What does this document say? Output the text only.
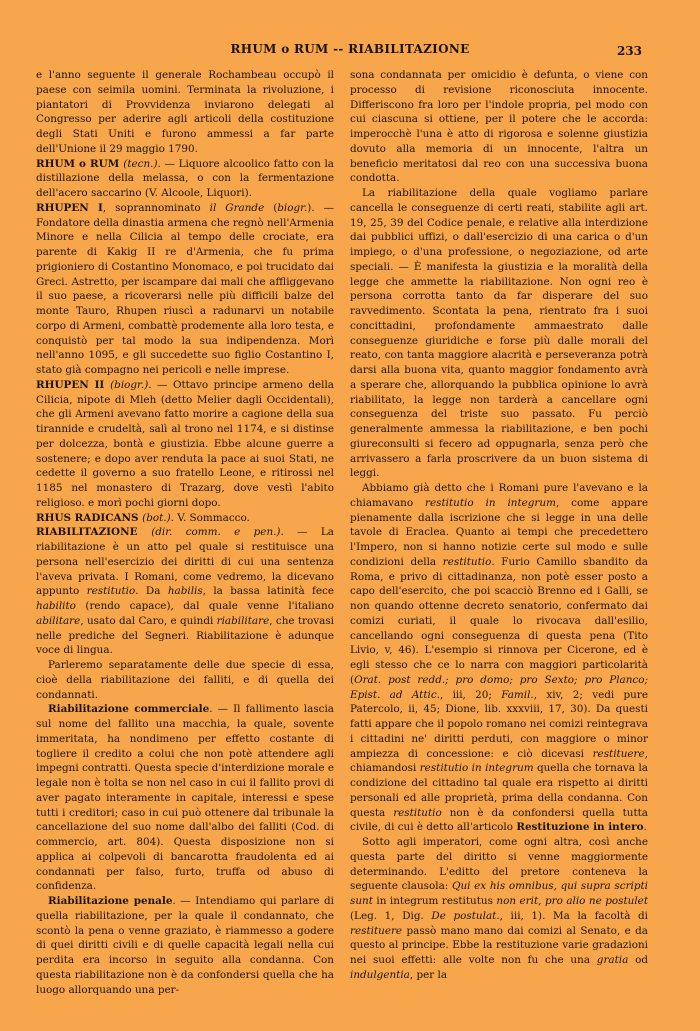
RHUM o RUM -- RIABILITAZIONE	233

e l'anno seguente il generale Rochambeau occupò il paese con seimila uomini. Terminata la rivoluzione, i piantatori di Provvidenza inviarono delegati al Congresso per aderire agli articoli della costituzione degli Stati Uniti e furono ammessi a far parte dell'Unione il 29 maggio 1790.

RHUM o RUM (tecn.). — Liquore alcoolico fatto con la distillazione della melassa, o con la fermentazione dell'acero saccarino (V. Alcoole, Liquori).

RHUPEN I, soprannominato il Grande (biogr.). — Fondatore della dinastia armena che regnò nell'Armenia Minore e nella Cilicia al tempo delle crociate, era parente di Kakig II re d'Armenia, che fu prima prigioniero di Costantino Monomaco, e poi trucidato dai Greci. Astretto, per iscampare dai mali che affliggevano il suo paese, a ricoverarsi nelle più difficili balze del monte Tauro, Rhupen riuscì a radunarvi un notabile corpo di Armeni, combattè prodemente alla loro testa, e conquistò per tal modo la sua indipendenza. Morì nell'anno 1095, e gli succedette suo figlio Costantino I, stato già compagno nei pericoli e nelle imprese.

RHUPEN II (biogr.). — Ottavo principe armeno della Cilicia, nipote di Mleh (detto Melier dagli Occidentali), che gli Armeni avevano fatto morire a cagione della sua tirannide e crudeltà, salì al trono nel 1174, e si distinse per dolcezza, bontà e giustizia. Ebbe alcune guerre a sostenere; e dopo aver renduta la pace ai suoi Stati, ne cedette il governo a suo fratello Leone, e ritirossi nel 1185 nel monastero di Trazarg, dove vestì l'abito religioso. e morì pochi giorni dopo.

RHUS RADICANS (bot.). V. Sommacco.

RIABILITAZIONE (dir. comm. e pen.). — La riabilitazione è un atto pel quale si restituisce una persona nell'esercizio dei diritti di cui una sentenza l'aveva privata. I Romani, come vedremo, la dicevano appunto restitutio. Da habilis, la bassa latinità fece habilito (rendo capace), dal quale venne l'italiano abilitare, usato dal Caro, e quindi riabilitare, che trovasi nelle prediche del Segneri. Riabilitazione è adunque voce di lingua.

Parleremo separatamente delle due specie di essa, cioè della riabilitazione dei falliti, e di quella dei condannati.

Riabilitazione commerciale. — Il fallimento lascia sul nome del fallito una macchia, la quale, sovente immeritata, ha nondimeno per effetto costante di togliere il credito a colui che non potè attendere agli impegni contratti. Questa specie d'interdizione morale e legale non è tolta se non nel caso in cui il fallito provi di aver pagato interamente in capitale, interessi e spese tutti i creditori; caso in cui può ottenere dal tribunale la cancellazione del suo nome dall'albo dei falliti (Cod. di commercio, art. 804). Questa disposizione non si applica ai colpevoli di bancarotta fraudolenta ed ai condannati per falso, furto, truffa od abuso di confidenza.

Riabilitazione penale. — Intendiamo qui parlare di quella riabilitazione, per la quale il condannato, che scontò la pena o venne graziato, è riammesso a godere di quei diritti civili e di quelle capacità legali nella cui perdita era incorso in seguito alla condanna. Con questa riabilitazione non è da confondersi quella che ha luogo allorquando una per-

sona condannata per omicidio è defunta, o viene con processo di revisione riconosciuta innocente. Differiscono fra loro per l'indole propria, pel modo con cui ciascuna si ottiene, per il potere che le accorda: imperocchè l'una è atto di rigorosa e solenne giustizia dovuto alla memoria di un innocente, l'altra un beneficio meritatosi dal reo con una successiva buona condotta.

La riabilitazione della quale vogliamo parlare cancella le conseguenze di certi reati, stabilite agli art. 19, 25, 39 del Codice penale, e relative alla interdizione dai pubblici uffizi, o dall'esercizio di una carica o d'un impiego, o d'una professione, o negoziazione, od arte speciali. — È manifesta la giustizia e la moralità della legge che ammette la riabilitazione. Non ogni reo è persona corrotta tanto da far disperare del suo ravvedimento. Scontata la pena, rientrato fra i suoi concittadini, profondamente ammaestrato dalle conseguenze giuridiche e forse più dalle morali del reato, con tanta maggiore alacrità e perseveranza potrà darsi alla buona vita, quanto maggior fondamento avrà a sperare che, allorquando la pubblica opinione lo avrà riabilitato, la legge non tarderà a cancellare ogni conseguenza del triste suo passato. Fu perciò generalmente ammessa la riabilitazione, e ben pochi giureconsulti si fecero ad oppugnarla, senza però che arrivassero a farla proscrivere da un buon sistema di leggi.

Abbiamo già detto che i Romani pure l'avevano e la chiamavano restitutio in integrum, come appare pienamente dalla iscrizione che si legge in una delle tavole di Eraclea. Quanto ai tempi che precedettero l'Impero, non si hanno notizie certe sul modo e sulle condizioni della restitutio. Furio Camillo sbandito da Roma, e privo di cittadinanza, non potè esser posto a capo dell'esercito, che poi scacciò Brenno ed i Galli, se non quando ottenne decreto senatorio, confermato dai comizi curiati, il quale lo rivocava dall'esilio, cancellando ogni conseguenza di questa pena (Tito Livio, v, 46). L'esempio si rinnova per Cicerone, ed è egli stesso che ce lo narra con maggiori particolarità (Orat. post redd.; pro domo; pro Sexto; pro Planco; Epist. ad Attic., iii, 20; Famil., xiv, 2; vedi pure Patercolo, ii, 45; Dione, lib. xxxviii, 17, 30). Da questi fatti appare che il popolo romano nei comizi reintegrava i cittadini ne' diritti perduti, con maggiore o minor ampiezza di concessione: e ciò dicevasi restituere, chiamandosi restitutio in integrum quella che tornava la condizione del cittadino tal quale era rispetto ai diritti personali ed alle proprietà, prima della condanna. Con questa restitutio non è da confondersi quella tutta civile, di cui è detto all'articolo Restituzione in intero.

Sotto agli imperatori, come ogni altra, così anche questa parte del diritto si venne maggiormente determinando. L'editto del pretore conteneva la seguente clausola: Qui ex his omnibus, qui supra scripti sunt in integrum restitutus non erit, pro alio ne postulet (Leg. 1, Dig. De postulat., iii, 1). Ma la facoltà di restituere passò mano mano dai comizi al Senato, e da questo al principe. Ebbe la restituzione varie gradazioni nei suoi effetti: alle volte non fu che una gratia od indulgentia, per la
